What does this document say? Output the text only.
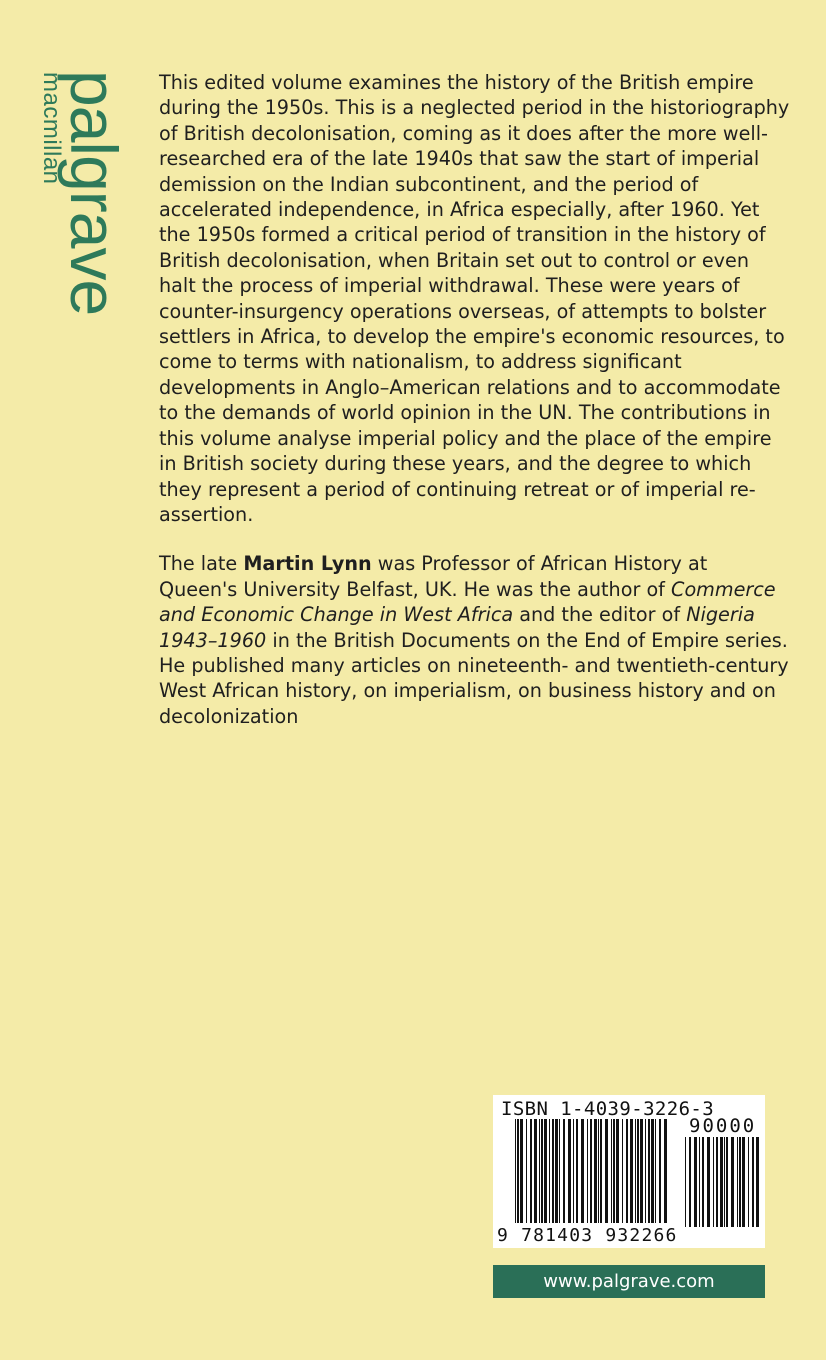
palgrave
macmillan	This edited volume examines the history of the British empire during the 1950s. This is a neglected period in the historiography of British decolonisation, coming as it does after the more well-researched era of the late 1940s that saw the start of imperial demission on the Indian subcontinent, and the period of accelerated independence, in Africa especially, after 1960. Yet the 1950s formed a critical period of transition in the history of British decolonisation, when Britain set out to control or even halt the process of imperial withdrawal. These were years of counter-insurgency operations overseas, of attempts to bolster settlers in Africa, to develop the empire's economic resources, to come to terms with nationalism, to address significant developments in Anglo–American relations and to accommodate to the demands of world opinion in the UN. The contributions in this volume analyse imperial policy and the place of the empire in British society during these years, and the degree to which they represent a period of continuing retreat or of imperial re-assertion.

The late Martin Lynn was Professor of African History at Queen's University Belfast, UK. He was the author of Commerce and Economic Change in West Africa and the editor of Nigeria 1943–1960 in the British Documents on the End of Empire series. He published many articles on nineteenth- and twentieth-century West African history, on imperialism, on business history and on decolonization

ISBN 1-4039-3226-3
90000
9 781403 932266
www.palgrave.com
